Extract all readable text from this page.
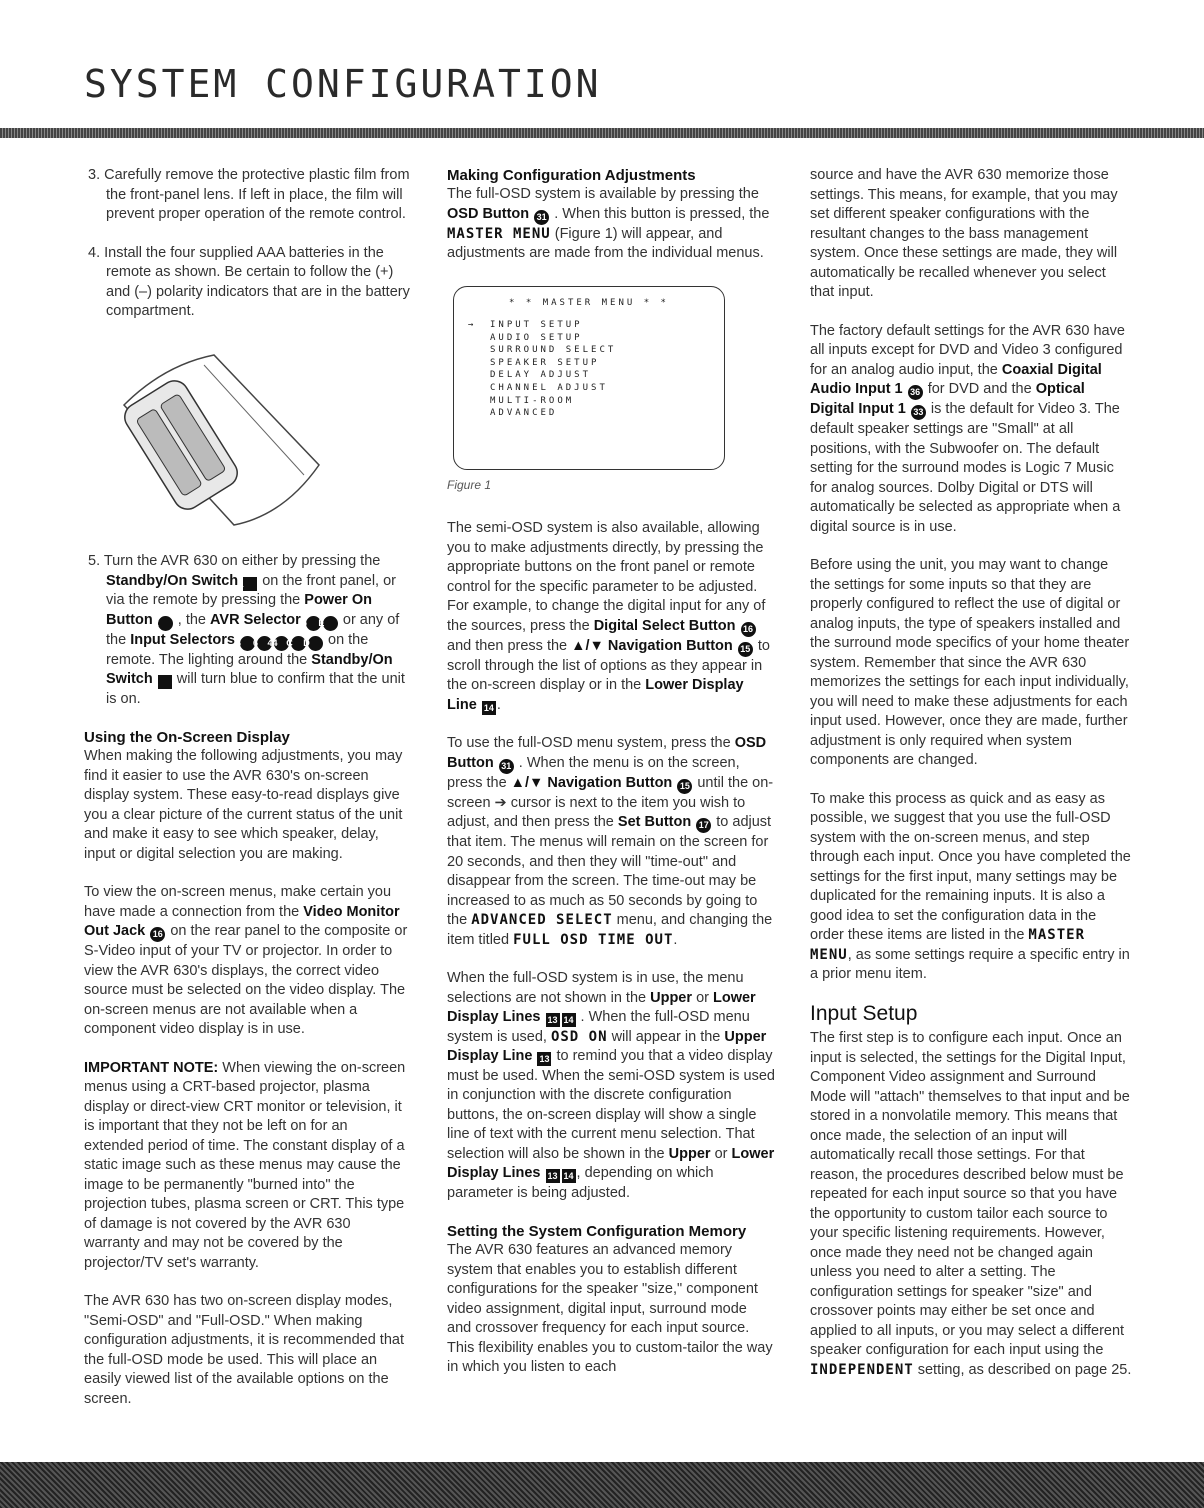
SYSTEM CONFIGURATION

3. Carefully remove the protective plastic film from the front-panel lens. If left in place, the film will prevent proper operation of the remote control.

4. Install the four supplied AAA batteries in the remote as shown. Be certain to follow the (+) and (–) polarity indicators that are in the battery compartment.

5. Turn the AVR 630 on either by pressing the Standby/On Switch 1 on the front panel, or via the remote by pressing the Power On Button 2 , the AVR Selector 5 E or any of the Input Selectors 4 6 44 C D on the remote. The lighting around the Standby/On Switch 1 will turn blue to confirm that the unit is on.

Using the On-Screen Display

When making the following adjustments, you may find it easier to use the AVR 630's on-screen display system. These easy-to-read displays give you a clear picture of the current status of the unit and make it easy to see which speaker, delay, input or digital selection you are making.

To view the on-screen menus, make certain you have made a connection from the Video Monitor Out Jack 16 on the rear panel to the composite or S-Video input of your TV or projector. In order to view the AVR 630's displays, the correct video source must be selected on the video display. The on-screen menus are not available when a component video display is in use.

IMPORTANT NOTE: When viewing the on-screen menus using a CRT-based projector, plasma display or direct-view CRT monitor or television, it is important that they not be left on for an extended period of time. The constant display of a static image such as these menus may cause the image to be permanently "burned into" the projection tubes, plasma screen or CRT. This type of damage is not covered by the AVR 630 warranty and may not be covered by the projector/TV set's warranty.

The AVR 630 has two on-screen display modes, "Semi-OSD" and "Full-OSD." When making configuration adjustments, it is recommended that the full-OSD mode be used. This will place an easily viewed list of the available options on the screen.

Making Configuration Adjustments

The full-OSD system is available by pressing the OSD Button 31 . When this button is pressed, the MASTER MENU (Figure 1) will appear, and adjustments are made from the individual menus.

* * MASTER MENU * *
→ INPUT SETUP
AUDIO SETUP
SURROUND SELECT
SPEAKER SETUP
DELAY ADJUST
CHANNEL ADJUST
MULTI-ROOM
ADVANCED
Figure 1

The semi-OSD system is also available, allowing you to make adjustments directly, by pressing the appropriate buttons on the front panel or remote control for the specific parameter to be adjusted. For example, to change the digital input for any of the sources, press the Digital Select Button 16 and then press the ▲/▼ Navigation Button 15 to scroll through the list of options as they appear in the on-screen display or in the Lower Display Line 14 .

To use the full-OSD menu system, press the OSD Button 31 . When the menu is on the screen, press the ▲/▼ Navigation Button 15 until the on-screen ➔ cursor is next to the item you wish to adjust, and then press the Set Button 17 to adjust that item. The menus will remain on the screen for 20 seconds, and then they will "time-out" and disappear from the screen. The time-out may be increased to as much as 50 seconds by going to the ADVANCED SELECT menu, and changing the item titled FULL OSD TIME OUT.

When the full-OSD system is in use, the menu selections are not shown in the Upper or Lower Display Lines 13 14 . When the full-OSD menu system is used, OSD ON will appear in the Upper Display Line 13 to remind you that a video display must be used. When the semi-OSD system is used in conjunction with the discrete configuration buttons, the on-screen display will show a single line of text with the current menu selection. That selection will also be shown in the Upper or Lower Display Lines 13 14 , depending on which parameter is being adjusted.

Setting the System Configuration Memory

The AVR 630 features an advanced memory system that enables you to establish different configurations for the speaker "size," component video assignment, digital input, surround mode and crossover frequency for each input source. This flexibility enables you to custom-tailor the way in which you listen to each

source and have the AVR 630 memorize those settings. This means, for example, that you may set different speaker configurations with the resultant changes to the bass management system. Once these settings are made, they will automatically be recalled whenever you select that input.

The factory default settings for the AVR 630 have all inputs except for DVD and Video 3 configured for an analog audio input, the Coaxial Digital Audio Input 1 36 for DVD and the Optical Digital Input 1 33 is the default for Video 3. The default speaker settings are "Small" at all positions, with the Subwoofer on. The default setting for the surround modes is Logic 7 Music for analog sources. Dolby Digital or DTS will automatically be selected as appropriate when a digital source is in use.

Before using the unit, you may want to change the settings for some inputs so that they are properly configured to reflect the use of digital or analog inputs, the type of speakers installed and the surround mode specifics of your home theater system. Remember that since the AVR 630 memorizes the settings for each input individually, you will need to make these adjustments for each input used. However, once they are made, further adjustment is only required when system components are changed.

To make this process as quick and as easy as possible, we suggest that you use the full-OSD system with the on-screen menus, and step through each input. Once you have completed the settings for the first input, many settings may be duplicated for the remaining inputs. It is also a good idea to set the configuration data in the order these items are listed in the MASTER MENU, as some settings require a specific entry in a prior menu item.

Input Setup

The first step is to configure each input. Once an input is selected, the settings for the Digital Input, Component Video assignment and Surround Mode will "attach" themselves to that input and be stored in a nonvolatile memory. This means that once made, the selection of an input will automatically recall those settings. For that reason, the procedures described below must be repeated for each input source so that you have the opportunity to custom tailor each source to your specific listening requirements. However, once made they need not be changed again unless you need to alter a setting. The configuration settings for speaker "size" and crossover points may either be set once and applied to all inputs, or you may select a different speaker configuration for each input using the INDEPENDENT setting, as described on page 25.
